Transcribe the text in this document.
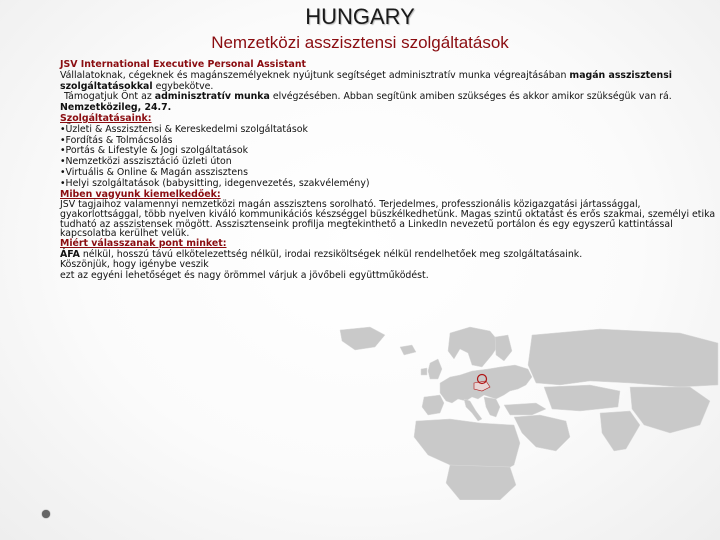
HUNGARY
Nemzetközi asszisztensi szolgáltatások

JSV International Executive Personal Assistant

Vállalatoknak, cégeknek és magánszemélyeknek nyújtunk segítséget adminisztratív munka végreajtásában magán asszisztensi szolgáltatásokkal egybekötve.

Támogatjuk Önt az adminisztratív munka elvégzésében. Abban segítünk amiben szükséges és akkor amikor szükségük van rá.

Nemzetközileg, 24.7.

Szolgáltatásaink:

•Üzleti & Asszisztensi & Kereskedelmi szolgáltatások

•Fordítás & Tolmácsolás

•Portás & Lifestyle & Jogi szolgáltatások

•Nemzetközi asszisztáció üzleti úton

•Virtuális & Online & Magán asszisztens

•Helyi szolgáltatások (babysitting, idegenvezetés, szakvélemény)

Miben vagyunk kiemelkedőek:

JSV tagjaihoz valamennyi nemzetközi magán asszisztens sorolható. Terjedelmes, professzionális közigazgatási jártassággal, gyakorlottsággal, több nyelven kiváló kommunikációs készséggel büszkélkedhetünk. Magas szintű oktatást és erős szakmai, személyi etika tudható az asszistensek mögött. Asszisztenseink profilja megtekinthető a LinkedIn nevezetű portálon és egy egyszerű kattintással kapcsolatba kerülhet velük.

Miért válasszanak pont minket:

ÁFA nélkül, hosszú távú elkötelezettség nélkül, irodai rezsiköltségek nélkül rendelhetőek meg szolgáltatásaink.

Köszönjük, hogy igénybe veszik

ezt az egyéni lehetőséget és nagy örömmel várjuk a jövőbeli együttműködést.
